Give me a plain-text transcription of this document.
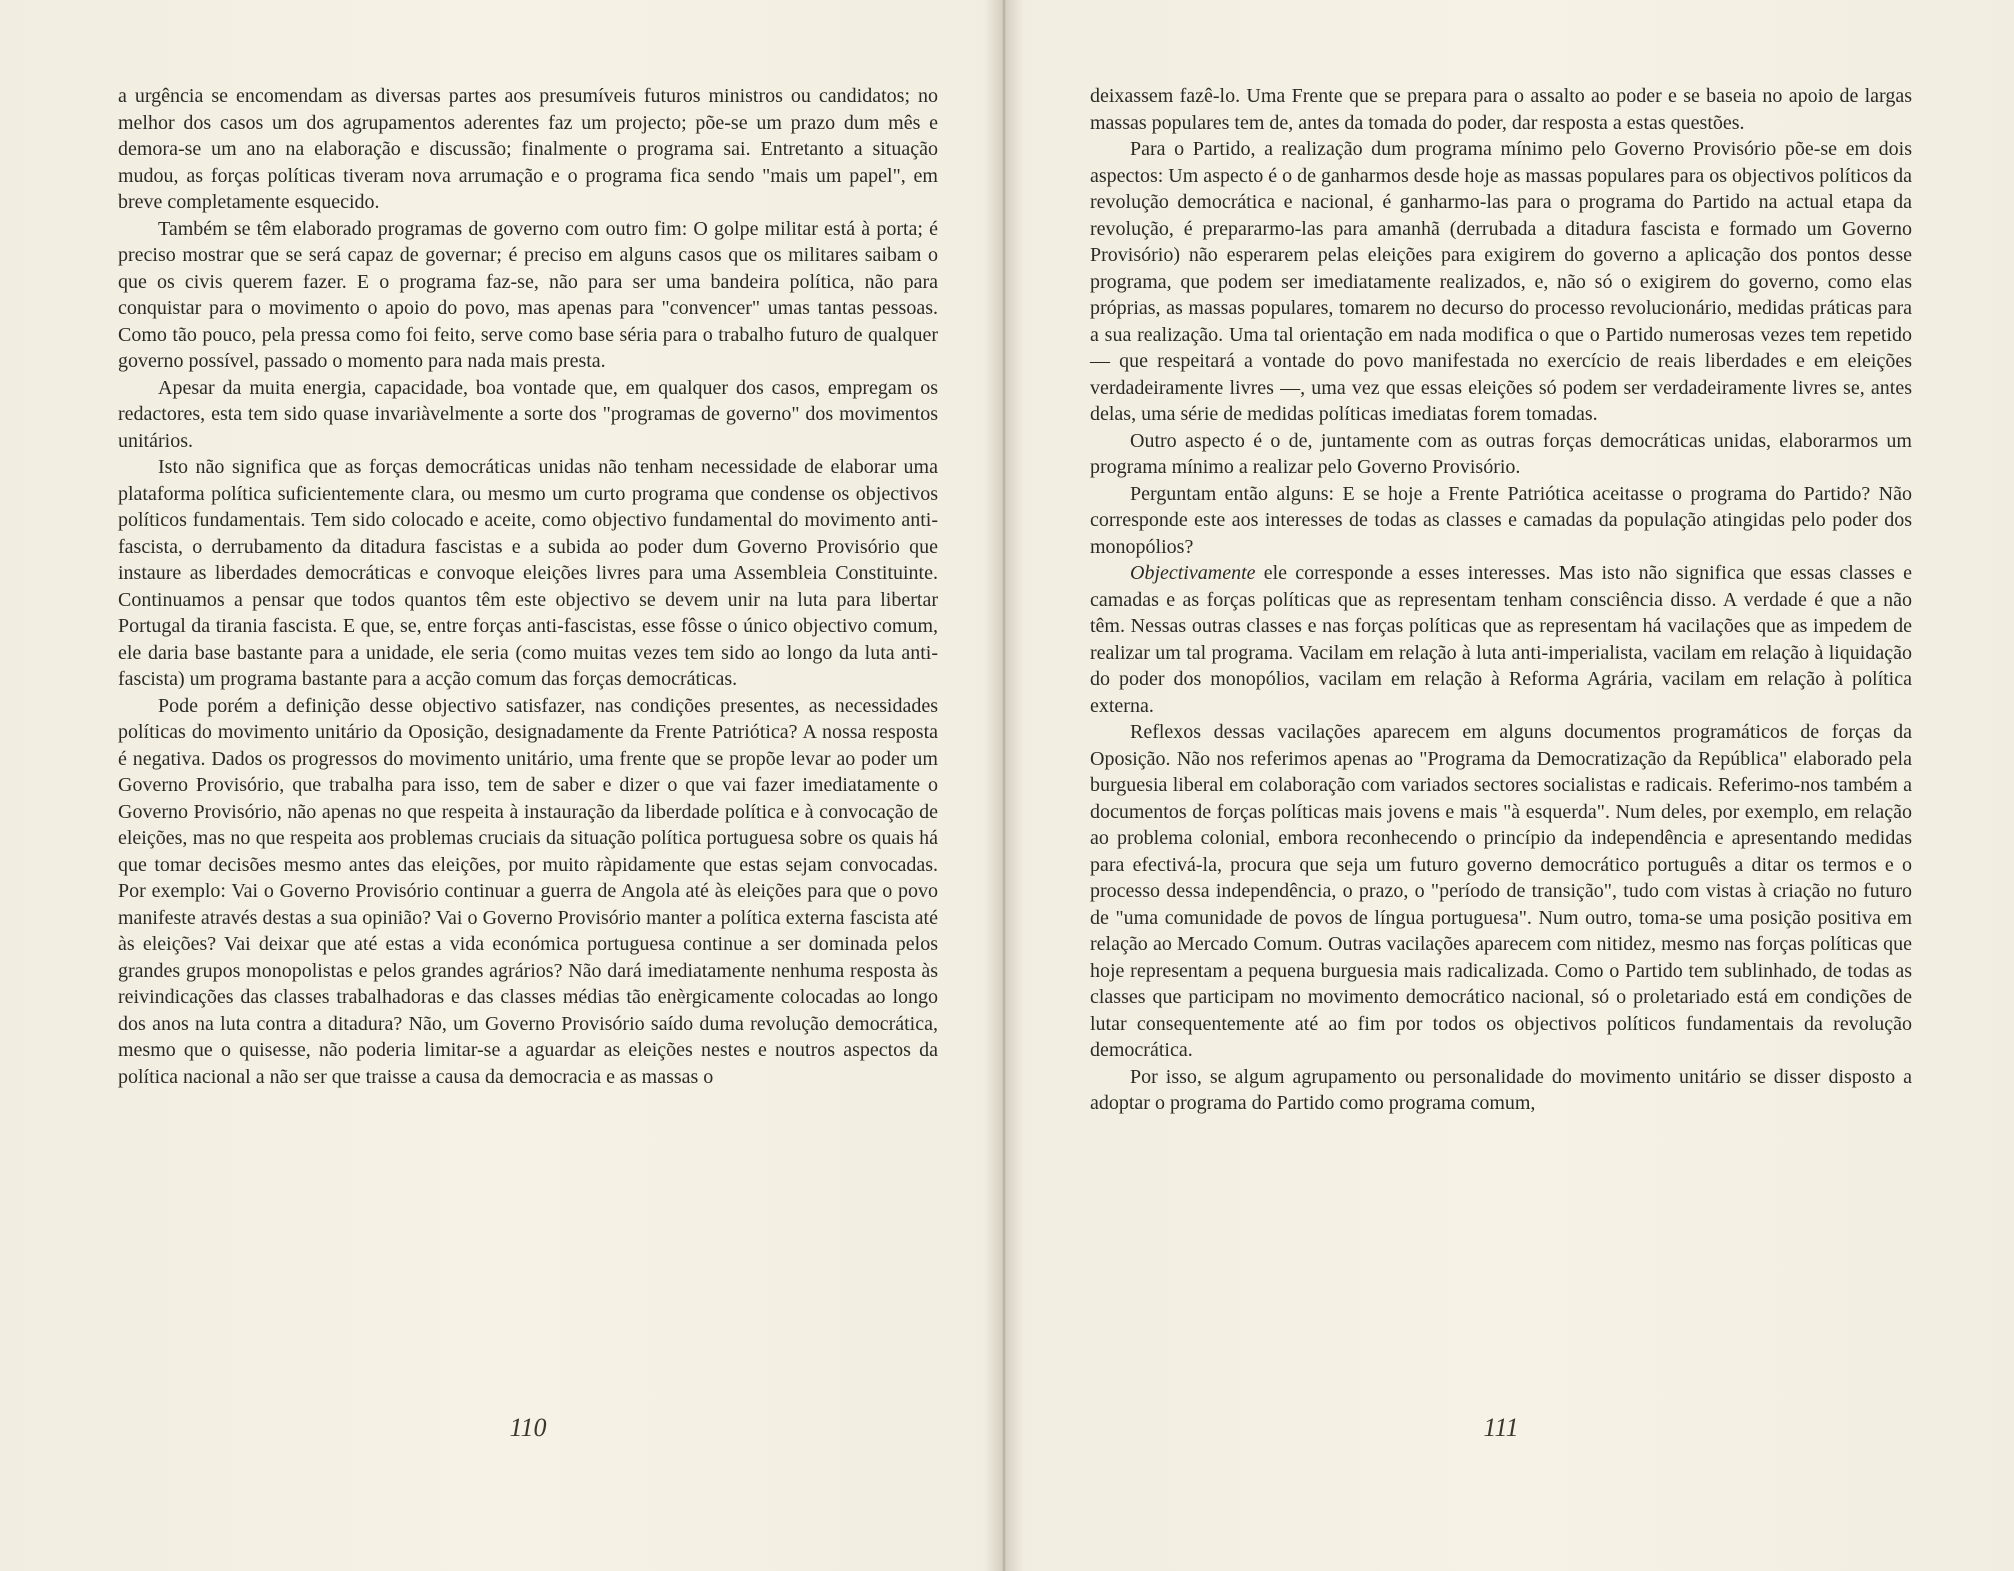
a urgência se encomendam as diversas partes aos presumíveis futuros ministros ou candidatos; no melhor dos casos um dos agrupamentos aderentes faz um projecto; põe-se um prazo dum mês e demora-se um ano na elaboração e discussão; finalmente o programa sai. Entretanto a situação mudou, as forças políticas tiveram nova arrumação e o programa fica sendo "mais um papel", em breve completamente esquecido.

Também se têm elaborado programas de governo com outro fim: O golpe militar está à porta; é preciso mostrar que se será capaz de governar; é preciso em alguns casos que os militares saibam o que os civis querem fazer. E o programa faz-se, não para ser uma bandeira política, não para conquistar para o movimento o apoio do povo, mas apenas para "convencer" umas tantas pessoas. Como tão pouco, pela pressa como foi feito, serve como base séria para o trabalho futuro de qualquer governo possível, passado o momento para nada mais presta.

Apesar da muita energia, capacidade, boa vontade que, em qualquer dos casos, empregam os redactores, esta tem sido quase invariàvelmente a sorte dos "programas de governo" dos movimentos unitários.

Isto não significa que as forças democráticas unidas não tenham necessidade de elaborar uma plataforma política suficientemente clara, ou mesmo um curto programa que condense os objectivos políticos fundamentais. Tem sido colocado e aceite, como objectivo fundamental do movimento anti-fascista, o derrubamento da ditadura fascistas e a subida ao poder dum Governo Provisório que instaure as liberdades democráticas e convoque eleições livres para uma Assembleia Constituinte. Continuamos a pensar que todos quantos têm este objectivo se devem unir na luta para libertar Portugal da tirania fascista. E que, se, entre forças anti-fascistas, esse fôsse o único objectivo comum, ele daria base bastante para a unidade, ele seria (como muitas vezes tem sido ao longo da luta anti-fascista) um programa bastante para a acção comum das forças democráticas.

Pode porém a definição desse objectivo satisfazer, nas condições presentes, as necessidades políticas do movimento unitário da Oposição, designadamente da Frente Patriótica? A nossa resposta é negativa. Dados os progressos do movimento unitário, uma frente que se propõe levar ao poder um Governo Provisório, que trabalha para isso, tem de saber e dizer o que vai fazer imediatamente o Governo Provisório, não apenas no que respeita à instauração da liberdade política e à convocação de eleições, mas no que respeita aos problemas cruciais da situação política portuguesa sobre os quais há que tomar decisões mesmo antes das eleições, por muito ràpidamente que estas sejam convocadas. Por exemplo: Vai o Governo Provisório continuar a guerra de Angola até às eleições para que o povo manifeste através destas a sua opinião? Vai o Governo Provisório manter a política externa fascista até às eleições? Vai deixar que até estas a vida económica portuguesa continue a ser dominada pelos grandes grupos monopolistas e pelos grandes agrários? Não dará imediatamente nenhuma resposta às reivindicações das classes trabalhadoras e das classes médias tão enèrgicamente colocadas ao longo dos anos na luta contra a ditadura? Não, um Governo Provisório saído duma revolução democrática, mesmo que o quisesse, não poderia limitar-se a aguardar as eleições nestes e noutros aspectos da política nacional a não ser que traisse a causa da democracia e as massas o

110

deixassem fazê-lo. Uma Frente que se prepara para o assalto ao poder e se baseia no apoio de largas massas populares tem de, antes da tomada do poder, dar resposta a estas questões.

Para o Partido, a realização dum programa mínimo pelo Governo Provisório põe-se em dois aspectos: Um aspecto é o de ganharmos desde hoje as massas populares para os objectivos políticos da revolução democrática e nacional, é ganharmo-las para o programa do Partido na actual etapa da revolução, é prepararmo-las para amanhã (derrubada a ditadura fascista e formado um Governo Provisório) não esperarem pelas eleições para exigirem do governo a aplicação dos pontos desse programa, que podem ser imediatamente realizados, e, não só o exigirem do governo, como elas próprias, as massas populares, tomarem no decurso do processo revolucionário, medidas práticas para a sua realização. Uma tal orientação em nada modifica o que o Partido numerosas vezes tem repetido — que respeitará a vontade do povo manifestada no exercício de reais liberdades e em eleições verdadeiramente livres —, uma vez que essas eleições só podem ser verdadeiramente livres se, antes delas, uma série de medidas políticas imediatas forem tomadas.

Outro aspecto é o de, juntamente com as outras forças democráticas unidas, elaborarmos um programa mínimo a realizar pelo Governo Provisório.

Perguntam então alguns: E se hoje a Frente Patriótica aceitasse o programa do Partido? Não corresponde este aos interesses de todas as classes e camadas da população atingidas pelo poder dos monopólios?

Objectivamente ele corresponde a esses interesses. Mas isto não significa que essas classes e camadas e as forças políticas que as representam tenham consciência disso. A verdade é que a não têm. Nessas outras classes e nas forças políticas que as representam há vacilações que as impedem de realizar um tal programa. Vacilam em relação à luta anti-imperialista, vacilam em relação à liquidação do poder dos monopólios, vacilam em relação à Reforma Agrária, vacilam em relação à política externa.

Reflexos dessas vacilações aparecem em alguns documentos programáticos de forças da Oposição. Não nos referimos apenas ao "Programa da Democratização da República" elaborado pela burguesia liberal em colaboração com variados sectores socialistas e radicais. Referimo-nos também a documentos de forças políticas mais jovens e mais "à esquerda". Num deles, por exemplo, em relação ao problema colonial, embora reconhecendo o princípio da independência e apresentando medidas para efectivá-la, procura que seja um futuro governo democrático português a ditar os termos e o processo dessa independência, o prazo, o "período de transição", tudo com vistas à criação no futuro de "uma comunidade de povos de língua portuguesa". Num outro, toma-se uma posição positiva em relação ao Mercado Comum. Outras vacilações aparecem com nitidez, mesmo nas forças políticas que hoje representam a pequena burguesia mais radicalizada. Como o Partido tem sublinhado, de todas as classes que participam no movimento democrático nacional, só o proletariado está em condições de lutar consequentemente até ao fim por todos os objectivos políticos fundamentais da revolução democrática.

Por isso, se algum agrupamento ou personalidade do movimento unitário se disser disposto a adoptar o programa do Partido como programa comum,

111
